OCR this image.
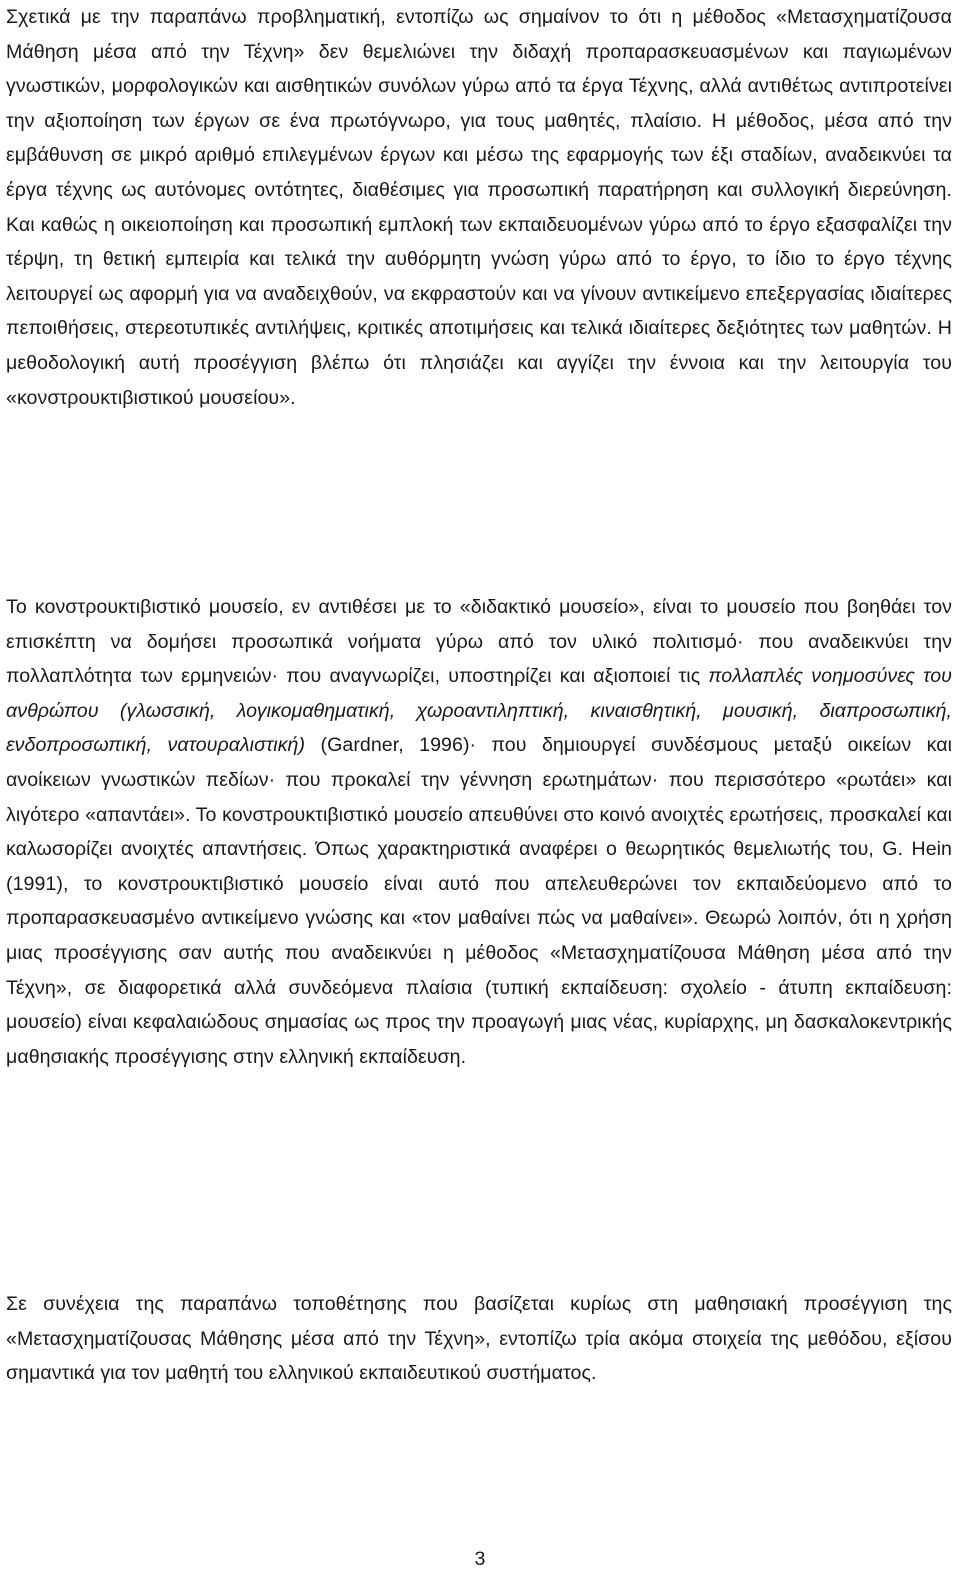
Σχετικά με την παραπάνω προβληματική, εντοπίζω ως σημαίνον το ότι η μέθοδος «Μετασχηματίζουσα Μάθηση μέσα από την Τέχνη» δεν θεμελιώνει την διδαχή προπαρασκευασμένων και παγιωμένων γνωστικών, μορφολογικών και αισθητικών συνόλων γύρω από τα έργα Τέχνης, αλλά αντιθέτως αντιπροτείνει την αξιοποίηση των έργων σε ένα πρωτόγνωρο, για τους μαθητές, πλαίσιο. Η μέθοδος, μέσα από την εμβάθυνση σε μικρό αριθμό επιλεγμένων έργων και μέσω της εφαρμογής των έξι σταδίων, αναδεικνύει τα έργα τέχνης ως αυτόνομες οντότητες, διαθέσιμες για προσωπική παρατήρηση και συλλογική διερεύνηση. Και καθώς η οικειοποίηση και προσωπική εμπλοκή των εκπαιδευομένων γύρω από το έργο εξασφαλίζει την τέρψη, τη θετική εμπειρία και τελικά την αυθόρμητη γνώση γύρω από το έργο, το ίδιο το έργο τέχνης λειτουργεί ως αφορμή για να αναδειχθούν, να εκφραστούν και να γίνουν αντικείμενο επεξεργασίας ιδιαίτερες πεποιθήσεις, στερεοτυπικές αντιλήψεις, κριτικές αποτιμήσεις και τελικά ιδιαίτερες δεξιότητες των μαθητών. Η μεθοδολογική αυτή προσέγγιση βλέπω ότι πλησιάζει και αγγίζει την έννοια και την λειτουργία του «κονστρουκτιβιστικού μουσείου».

Το κονστρουκτιβιστικό μουσείο, εν αντιθέσει με το «διδακτικό μουσείο», είναι το μουσείο που βοηθάει τον επισκέπτη να δομήσει προσωπικά νοήματα γύρω από τον υλικό πολιτισμό· που αναδεικνύει την πολλαπλότητα των ερμηνειών· που αναγνωρίζει, υποστηρίζει και αξιοποιεί τις πολλαπλές νοημοσύνες του ανθρώπου (γλωσσική, λογικομαθηματική, χωροαντιληπτική, κιναισθητική, μουσική, διαπροσωπική, ενδοπροσωπική, νατουραλιστική) (Gardner, 1996)· που δημιουργεί συνδέσμους μεταξύ οικείων και ανοίκειων γνωστικών πεδίων· που προκαλεί την γέννηση ερωτημάτων· που περισσότερο «ρωτάει» και λιγότερο «απαντάει». Το κονστρουκτιβιστικό μουσείο απευθύνει στο κοινό ανοιχτές ερωτήσεις, προσκαλεί και καλωσορίζει ανοιχτές απαντήσεις. Όπως χαρακτηριστικά αναφέρει ο θεωρητικός θεμελιωτής του, G. Hein (1991), το κονστρουκτιβιστικό μουσείο είναι αυτό που απελευθερώνει τον εκπαιδεύομενο από το προπαρασκευασμένο αντικείμενο γνώσης και «τον μαθαίνει πώς να μαθαίνει». Θεωρώ λοιπόν, ότι η χρήση μιας προσέγγισης σαν αυτής που αναδεικνύει η μέθοδος «Μετασχηματίζουσα Μάθηση μέσα από την Τέχνη», σε διαφορετικά αλλά συνδεόμενα πλαίσια (τυπική εκπαίδευση: σχολείο - άτυπη εκπαίδευση: μουσείο) είναι κεφαλαιώδους σημασίας ως προς την προαγωγή μιας νέας, κυρίαρχης, μη δασκαλοκεντρικής μαθησιακής προσέγγισης στην ελληνική εκπαίδευση.

Σε συνέχεια της παραπάνω τοποθέτησης που βασίζεται κυρίως στη μαθησιακή προσέγγιση της «Μετασχηματίζουσας Μάθησης μέσα από την Τέχνη», εντοπίζω τρία ακόμα στοιχεία της μεθόδου, εξίσου σημαντικά για τον μαθητή του ελληνικού εκπαιδευτικού συστήματος.

3
